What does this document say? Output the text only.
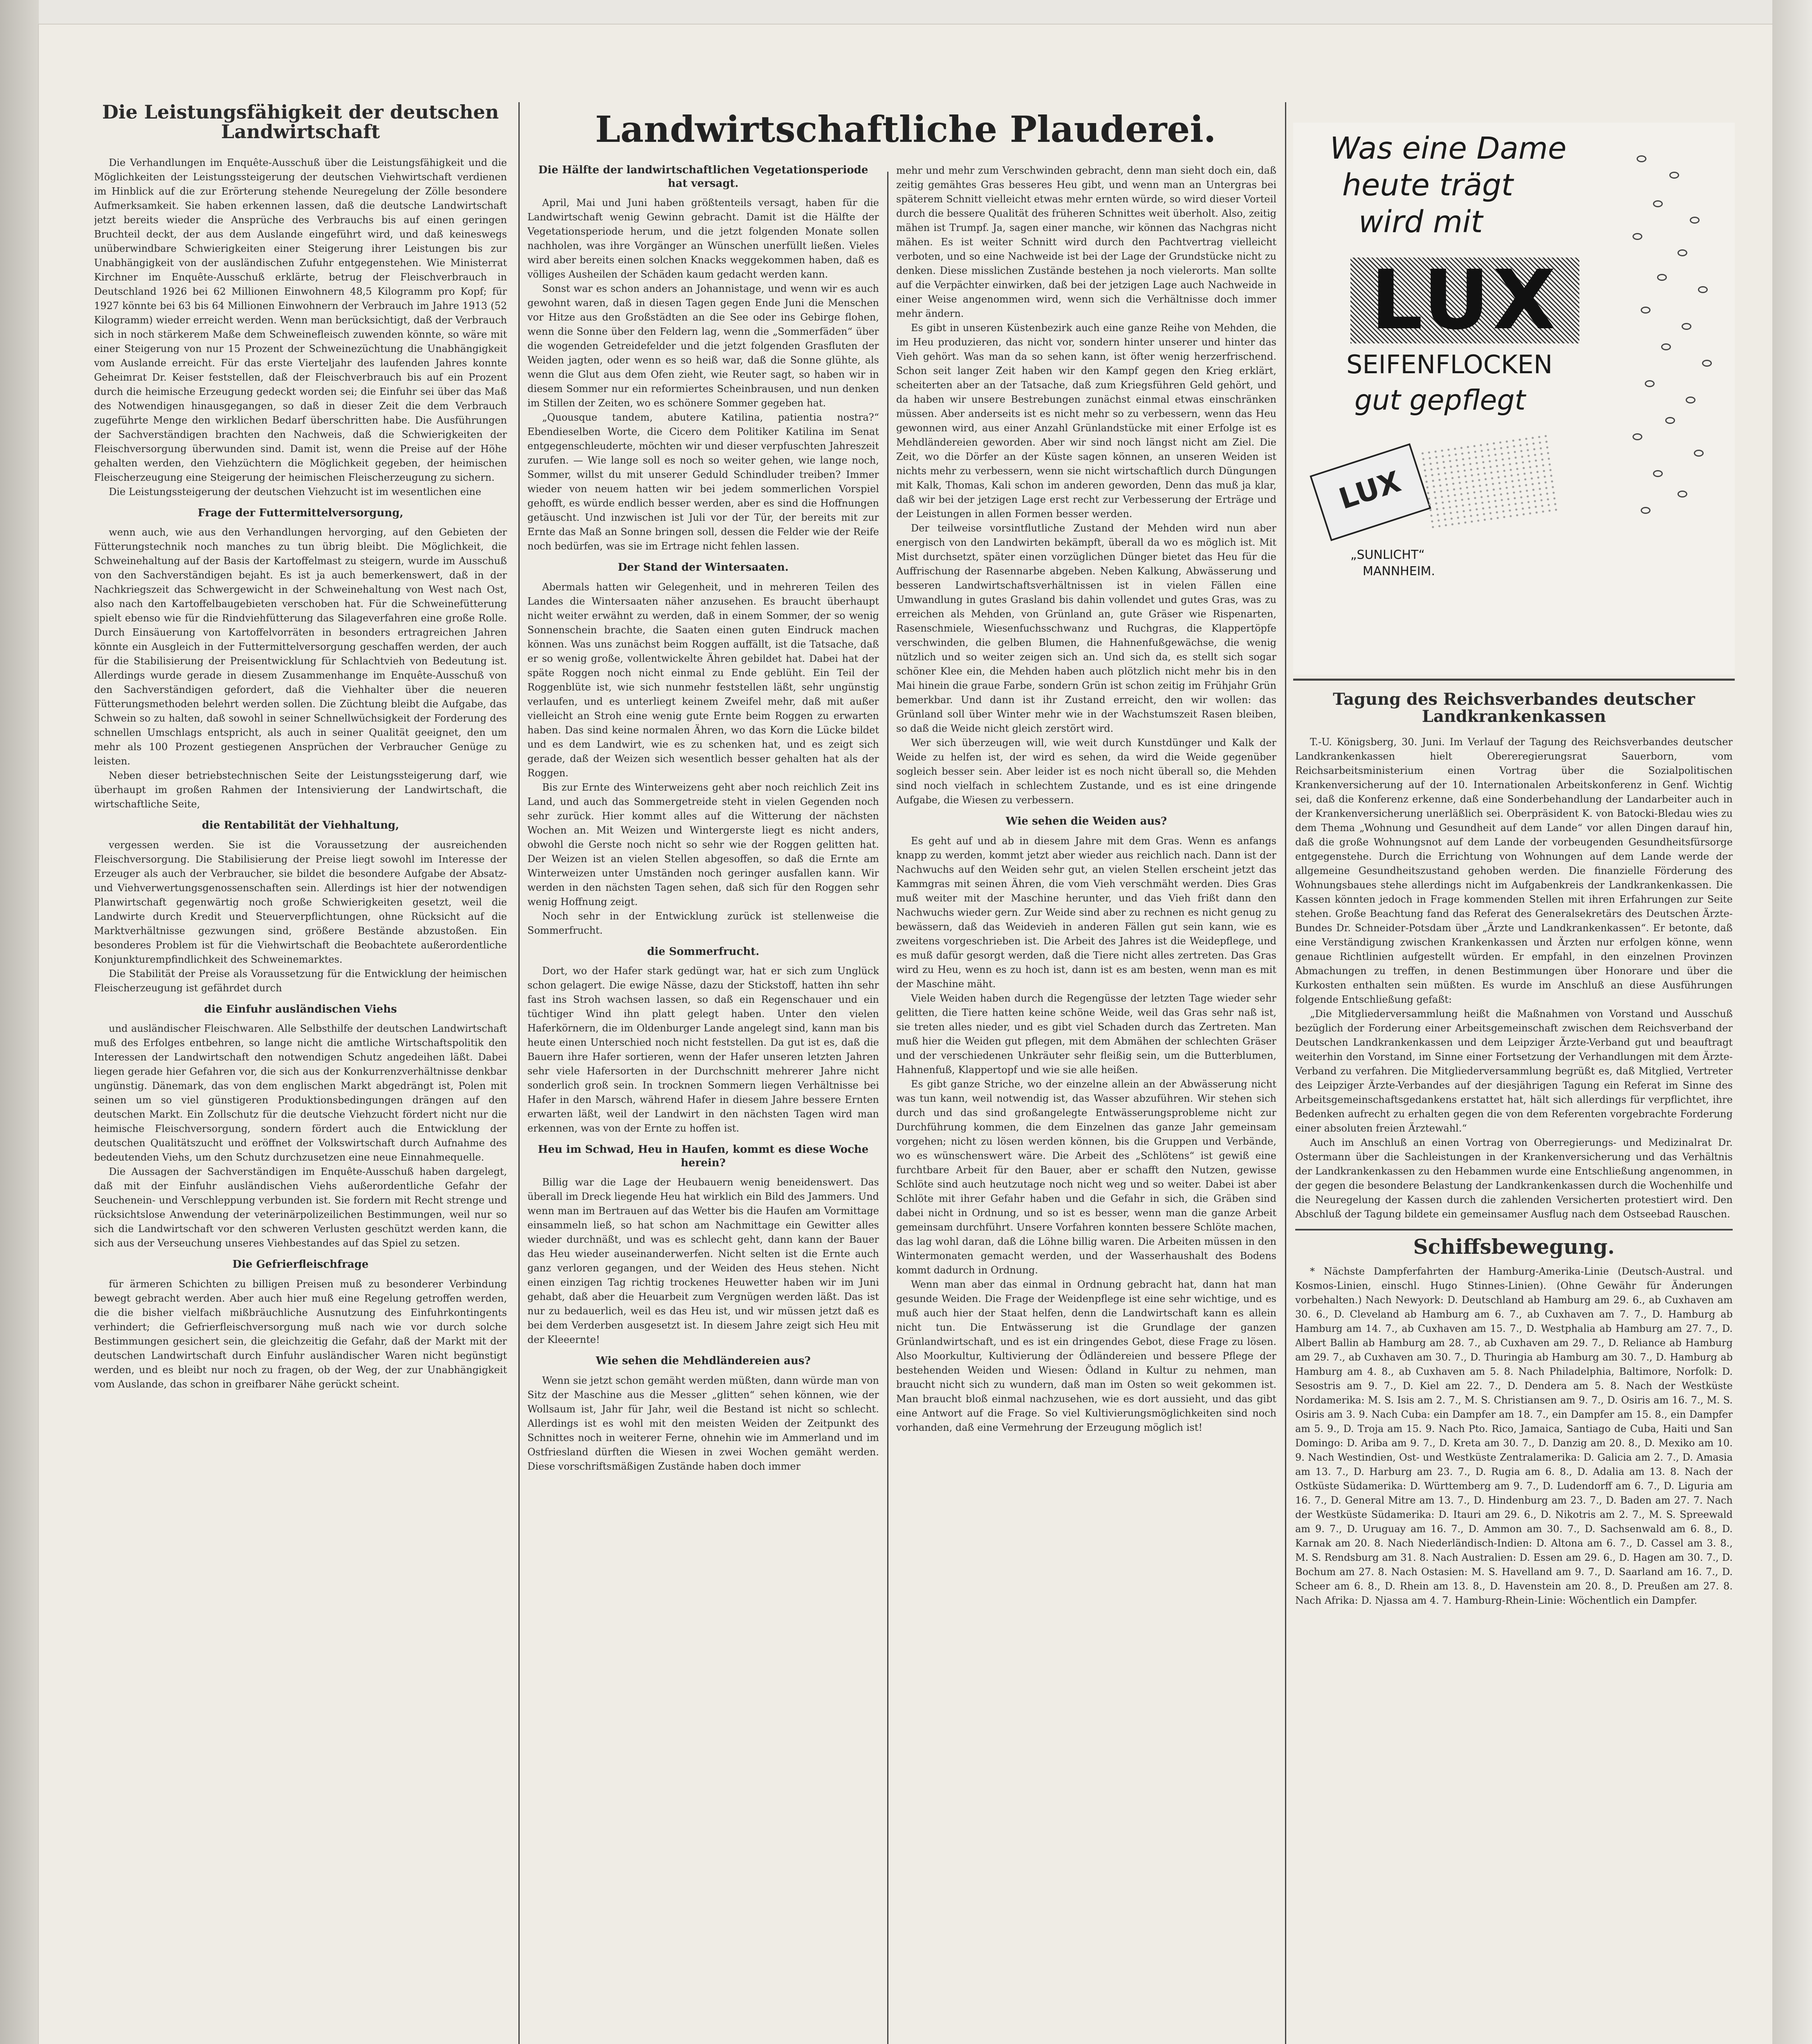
Die Leistungsfähigkeit der deutschen Landwirtschaft

Die Verhandlungen im Enquête-Ausschuß über die Leistungsfähigkeit und die Möglichkeiten der Leistungssteigerung der deutschen Viehwirtschaft verdienen im Hinblick auf die zur Erörterung stehende Neuregelung der Zölle besondere Aufmerksamkeit. Sie haben erkennen lassen, daß die deutsche Landwirtschaft jetzt bereits wieder die Ansprüche des Verbrauchs bis auf einen geringen Bruchteil deckt, der aus dem Auslande eingeführt wird, und daß keineswegs unüberwindbare Schwierigkeiten einer Steigerung ihrer Leistungen bis zur Unabhängigkeit von der ausländischen Zufuhr entgegenstehen. Wie Ministerrat Kirchner im Enquête-Ausschuß erklärte, betrug der Fleischverbrauch in Deutschland 1926 bei 62 Millionen Einwohnern 48,5 Kilogramm pro Kopf; für 1927 könnte bei 63 bis 64 Millionen Einwohnern der Verbrauch im Jahre 1913 (52 Kilogramm) wieder erreicht werden. Wenn man berücksichtigt, daß der Verbrauch sich in noch stärkerem Maße dem Schweinefleisch zuwenden könnte, so wäre mit einer Steigerung von nur 15 Prozent der Schweinezüchtung die Unabhängigkeit vom Auslande erreicht. Für das erste Vierteljahr des laufenden Jahres konnte Geheimrat Dr. Keiser feststellen, daß der Fleischverbrauch bis auf ein Prozent durch die heimische Erzeugung gedeckt worden sei; die Einfuhr sei über das Maß des Notwendigen hinausgegangen, so daß in dieser Zeit die dem Verbrauch zugeführte Menge den wirklichen Bedarf überschritten habe. Die Ausführungen der Sachverständigen brachten den Nachweis, daß die Schwierigkeiten der Fleischversorgung überwunden sind. Damit ist, wenn die Preise auf der Höhe gehalten werden, den Viehzüchtern die Möglichkeit gegeben, der heimischen Fleischerzeugung eine Steigerung der heimischen Fleischerzeugung zu sichern.

Die Leistungssteigerung der deutschen Viehzucht ist im wesentlichen eine

Frage der Futtermittelversorgung,

wenn auch, wie aus den Verhandlungen hervorging, auf den Gebieten der Fütterungstechnik noch manches zu tun übrig bleibt. Die Möglichkeit, die Schweinehaltung auf der Basis der Kartoffelmast zu steigern, wurde im Ausschuß von den Sachverständigen bejaht. Es ist ja auch bemerkenswert, daß in der Nachkriegszeit das Schwergewicht in der Schweinehaltung von West nach Ost, also nach den Kartoffelbaugebieten verschoben hat. Für die Schweinefütterung spielt ebenso wie für die Rindviehfütterung das Silageverfahren eine große Rolle. Durch Einsäuerung von Kartoffelvorräten in besonders ertragreichen Jahren könnte ein Ausgleich in der Futtermittelversorgung geschaffen werden, der auch für die Stabilisierung der Preisentwicklung für Schlachtvieh von Bedeutung ist. Allerdings wurde gerade in diesem Zusammenhange im Enquête-Ausschuß von den Sachverständigen gefordert, daß die Viehhalter über die neueren Fütterungsmethoden belehrt werden sollen. Die Züchtung bleibt die Aufgabe, das Schwein so zu halten, daß sowohl in seiner Schnellwüchsigkeit der Forderung des schnellen Umschlags entspricht, als auch in seiner Qualität geeignet, den um mehr als 100 Prozent gestiegenen Ansprüchen der Verbraucher Genüge zu leisten.

Neben dieser betriebstechnischen Seite der Leistungssteigerung darf, wie überhaupt im großen Rahmen der Intensivierung der Landwirtschaft, die wirtschaftliche Seite,

die Rentabilität der Viehhaltung,

vergessen werden. Sie ist die Voraussetzung der ausreichenden Fleischversorgung. Die Stabilisierung der Preise liegt sowohl im Interesse der Erzeuger als auch der Verbraucher, sie bildet die besondere Aufgabe der Absatz- und Viehverwertungsgenossenschaften sein. Allerdings ist hier der notwendigen Planwirtschaft gegenwärtig noch große Schwierigkeiten gesetzt, weil die Landwirte durch Kredit und Steuerverpflichtungen, ohne Rücksicht auf die Marktverhältnisse gezwungen sind, größere Bestände abzustoßen. Ein besonderes Problem ist für die Viehwirtschaft die Beobachtete außerordentliche Konjunkturempfindlichkeit des Schweinemarktes.

Die Stabilität der Preise als Voraussetzung für die Entwicklung der heimischen Fleischerzeugung ist gefährdet durch

die Einfuhr ausländischen Viehs

und ausländischer Fleischwaren. Alle Selbsthilfe der deutschen Landwirtschaft muß des Erfolges entbehren, so lange nicht die amtliche Wirtschaftspolitik den Interessen der Landwirtschaft den notwendigen Schutz angedeihen läßt. Dabei liegen gerade hier Gefahren vor, die sich aus der Konkurrenzverhältnisse denkbar ungünstig. Dänemark, das von dem englischen Markt abgedrängt ist, Polen mit seinen um so viel günstigeren Produktionsbedingungen drängen auf den deutschen Markt. Ein Zollschutz für die deutsche Viehzucht fördert nicht nur die heimische Fleischversorgung, sondern fördert auch die Entwicklung der deutschen Qualitätszucht und eröffnet der Volkswirtschaft durch Aufnahme des bedeutenden Viehs, um den Schutz durchzusetzen eine neue Einnahmequelle.

Die Aussagen der Sachverständigen im Enquête-Ausschuß haben dargelegt, daß mit der Einfuhr ausländischen Viehs außerordentliche Gefahr der Seuchenein- und Verschleppung verbunden ist. Sie fordern mit Recht strenge und rücksichtslose Anwendung der veterinärpolizeilichen Bestimmungen, weil nur so sich die Landwirtschaft vor den schweren Verlusten geschützt werden kann, die sich aus der Verseuchung unseres Viehbestandes auf das Spiel zu setzen.

Die Gefrierfleischfrage

für ärmeren Schichten zu billigen Preisen muß zu besonderer Verbindung bewegt gebracht werden. Aber auch hier muß eine Regelung getroffen werden, die die bisher vielfach mißbräuchliche Ausnutzung des Einfuhrkontingents verhindert; die Gefrierfleischversorgung muß nach wie vor durch solche Bestimmungen gesichert sein, die gleichzeitig die Gefahr, daß der Markt mit der deutschen Landwirtschaft durch Einfuhr ausländischer Waren nicht begünstigt werden, und es bleibt nur noch zu fragen, ob der Weg, der zur Unabhängigkeit vom Auslande, das schon in greifbarer Nähe gerückt scheint.

Landwirtschaftliche Plauderei.
Die Hälfte der landwirtschaftlichen Vegetationsperiode hat versagt.

April, Mai und Juni haben größtenteils versagt, haben für die Landwirtschaft wenig Gewinn gebracht. Damit ist die Hälfte der Vegetationsperiode herum, und die jetzt folgenden Monate sollen nachholen, was ihre Vorgänger an Wünschen unerfüllt ließen. Vieles wird aber bereits einen solchen Knacks weggekommen haben, daß es völliges Ausheilen der Schäden kaum gedacht werden kann.

Sonst war es schon anders an Johannistage, und wenn wir es auch gewohnt waren, daß in diesen Tagen gegen Ende Juni die Menschen vor Hitze aus den Großstädten an die See oder ins Gebirge flohen, wenn die Sonne über den Feldern lag, wenn die „Sommerfäden“ über die wogenden Getreidefelder und die jetzt folgenden Grasfluten der Weiden jagten, oder wenn es so heiß war, daß die Sonne glühte, als wenn die Glut aus dem Ofen zieht, wie Reuter sagt, so haben wir in diesem Sommer nur ein reformiertes Scheinbrausen, und nun denken im Stillen der Zeiten, wo es schönere Sommer gegeben hat.

„Quousque tandem, abutere Katilina, patientia nostra?“ Ebendieselben Worte, die Cicero dem Politiker Katilina im Senat entgegenschleuderte, möchten wir und dieser verpfuschten Jahreszeit zurufen. — Wie lange soll es noch so weiter gehen, wie lange noch, Sommer, willst du mit unserer Geduld Schindluder treiben? Immer wieder von neuem hatten wir bei jedem sommerlichen Vorspiel gehofft, es würde endlich besser werden, aber es sind die Hoffnungen getäuscht. Und inzwischen ist Juli vor der Tür, der bereits mit zur Ernte das Maß an Sonne bringen soll, dessen die Felder wie der Reife noch bedürfen, was sie im Ertrage nicht fehlen lassen.

Der Stand der Wintersaaten.

Abermals hatten wir Gelegenheit, und in mehreren Teilen des Landes die Wintersaaten näher anzusehen. Es braucht überhaupt nicht weiter erwähnt zu werden, daß in einem Sommer, der so wenig Sonnenschein brachte, die Saaten einen guten Eindruck machen können. Was uns zunächst beim Roggen auffällt, ist die Tatsache, daß er so wenig große, vollentwickelte Ähren gebildet hat. Dabei hat der späte Roggen noch nicht einmal zu Ende geblüht. Ein Teil der Roggenblüte ist, wie sich nunmehr feststellen läßt, sehr ungünstig verlaufen, und es unterliegt keinem Zweifel mehr, daß mit außer vielleicht an Stroh eine wenig gute Ernte beim Roggen zu erwarten haben. Das sind keine normalen Ähren, wo das Korn die Lücke bildet und es dem Landwirt, wie es zu schenken hat, und es zeigt sich gerade, daß der Weizen sich wesentlich besser gehalten hat als der Roggen.

Bis zur Ernte des Winterweizens geht aber noch reichlich Zeit ins Land, und auch das Sommergetreide steht in vielen Gegenden noch sehr zurück. Hier kommt alles auf die Witterung der nächsten Wochen an. Mit Weizen und Wintergerste liegt es nicht anders, obwohl die Gerste noch nicht so sehr wie der Roggen gelitten hat. Der Weizen ist an vielen Stellen abgesoffen, so daß die Ernte am Winterweizen unter Umständen noch geringer ausfallen kann. Wir werden in den nächsten Tagen sehen, daß sich für den Roggen sehr wenig Hoffnung zeigt.

Noch sehr in der Entwicklung zurück ist stellenweise die Sommerfrucht.

die Sommerfrucht.

Dort, wo der Hafer stark gedüngt war, hat er sich zum Unglück schon gelagert. Die ewige Nässe, dazu der Stickstoff, hatten ihn sehr fast ins Stroh wachsen lassen, so daß ein Regenschauer und ein tüchtiger Wind ihn platt gelegt haben. Unter den vielen Haferkörnern, die im Oldenburger Lande angelegt sind, kann man bis heute einen Unterschied noch nicht feststellen. Da gut ist es, daß die Bauern ihre Hafer sortieren, wenn der Hafer unseren letzten Jahren sehr viele Hafersorten in der Durchschnitt mehrerer Jahre nicht sonderlich groß sein. In trocknen Sommern liegen Verhältnisse bei Hafer in den Marsch, während Hafer in diesem Jahre bessere Ernten erwarten läßt, weil der Landwirt in den nächsten Tagen wird man erkennen, was von der Ernte zu hoffen ist.

Heu im Schwad, Heu in Haufen, kommt es diese Woche herein?

Billig war die Lage der Heubauern wenig beneidenswert. Das überall im Dreck liegende Heu hat wirklich ein Bild des Jammers. Und wenn man im Bertrauen auf das Wetter bis die Haufen am Vormittage einsammeln ließ, so hat schon am Nachmittage ein Gewitter alles wieder durchnäßt, und was es schlecht geht, dann kann der Bauer das Heu wieder auseinanderwerfen. Nicht selten ist die Ernte auch ganz verloren gegangen, und der Weiden des Heus stehen. Nicht einen einzigen Tag richtig trockenes Heuwetter haben wir im Juni gehabt, daß aber die Heuarbeit zum Vergnügen werden läßt. Das ist nur zu bedauerlich, weil es das Heu ist, und wir müssen jetzt daß es bei dem Verderben ausgesetzt ist. In diesem Jahre zeigt sich Heu mit der Kleeernte!

Wie sehen die Mehdländereien aus?

Wenn sie jetzt schon gemäht werden müßten, dann würde man von Sitz der Maschine aus die Messer „glitten“ sehen können, wie der Wollsaum ist, Jahr für Jahr, weil die Bestand ist nicht so schlecht. Allerdings ist es wohl mit den meisten Weiden der Zeitpunkt des Schnittes noch in weiterer Ferne, ohnehin wie im Ammerland und im Ostfriesland dürften die Wiesen in zwei Wochen gemäht werden. Diese vorschriftsmäßigen Zustände haben doch immer

mehr und mehr zum Verschwinden gebracht, denn man sieht doch ein, daß zeitig gemähtes Gras besseres Heu gibt, und wenn man an Untergras bei späterem Schnitt vielleicht etwas mehr ernten würde, so wird dieser Vorteil durch die bessere Qualität des früheren Schnittes weit überholt. Also, zeitig mähen ist Trumpf. Ja, sagen einer manche, wir können das Nachgras nicht mähen. Es ist weiter Schnitt wird durch den Pachtvertrag vielleicht verboten, und so eine Nachweide ist bei der Lage der Grundstücke nicht zu denken. Diese misslichen Zustände bestehen ja noch vielerorts. Man sollte auf die Verpächter einwirken, daß bei der jetzigen Lage auch Nachweide in einer Weise angenommen wird, wenn sich die Verhältnisse doch immer mehr ändern.

Es gibt in unseren Küstenbezirk auch eine ganze Reihe von Mehden, die im Heu produzieren, das nicht vor, sondern hinter unserer und hinter das Vieh gehört. Was man da so sehen kann, ist öfter wenig herzerfrischend. Schon seit langer Zeit haben wir den Kampf gegen den Krieg erklärt, scheiterten aber an der Tatsache, daß zum Kriegsführen Geld gehört, und da haben wir unsere Bestrebungen zunächst einmal etwas einschränken müssen. Aber anderseits ist es nicht mehr so zu verbessern, wenn das Heu gewonnen wird, aus einer Anzahl Grünlandstücke mit einer Erfolge ist es Mehdländereien geworden. Aber wir sind noch längst nicht am Ziel. Die Zeit, wo die Dörfer an der Küste sagen können, an unseren Weiden ist nichts mehr zu verbessern, wenn sie nicht wirtschaftlich durch Düngungen mit Kalk, Thomas, Kali schon im anderen geworden, Denn das muß ja klar, daß wir bei der jetzigen Lage erst recht zur Verbesserung der Erträge und der Leistungen in allen Formen besser werden.

Der teilweise vorsintflutliche Zustand der Mehden wird nun aber energisch von den Landwirten bekämpft, überall da wo es möglich ist. Mit Mist durchsetzt, später einen vorzüglichen Dünger bietet das Heu für die Auffrischung der Rasennarbe abgeben. Neben Kalkung, Abwässerung und besseren Landwirtschaftsverhältnissen ist in vielen Fällen eine Umwandlung in gutes Grasland bis dahin vollendet und gutes Gras, was zu erreichen als Mehden, von Grünland an, gute Gräser wie Rispenarten, Rasenschmiele, Wiesenfuchsschwanz und Ruchgras, die Klappertöpfe verschwinden, die gelben Blumen, die Hahnenfußgewächse, die wenig nützlich und so weiter zeigen sich an. Und sich da, es stellt sich sogar schöner Klee ein, die Mehden haben auch plötzlich nicht mehr bis in den Mai hinein die graue Farbe, sondern Grün ist schon zeitig im Frühjahr Grün bemerkbar. Und dann ist ihr Zustand erreicht, den wir wollen: das Grünland soll über Winter mehr wie in der Wachstumszeit Rasen bleiben, so daß die Weide nicht gleich zerstört wird.

Wer sich überzeugen will, wie weit durch Kunstdünger und Kalk der Weide zu helfen ist, der wird es sehen, da wird die Weide gegenüber sogleich besser sein. Aber leider ist es noch nicht überall so, die Mehden sind noch vielfach in schlechtem Zustande, und es ist eine dringende Aufgabe, die Wiesen zu verbessern.

Wie sehen die Weiden aus?

Es geht auf und ab in diesem Jahre mit dem Gras. Wenn es anfangs knapp zu werden, kommt jetzt aber wieder aus reichlich nach. Dann ist der Nachwuchs auf den Weiden sehr gut, an vielen Stellen erscheint jetzt das Kammgras mit seinen Ähren, die vom Vieh verschmäht werden. Dies Gras muß weiter mit der Maschine herunter, und das Vieh frißt dann den Nachwuchs wieder gern. Zur Weide sind aber zu rechnen es nicht genug zu bewässern, daß das Weidevieh in anderen Fällen gut sein kann, wie es zweitens vorgeschrieben ist. Die Arbeit des Jahres ist die Weidepflege, und es muß dafür gesorgt werden, daß die Tiere nicht alles zertreten. Das Gras wird zu Heu, wenn es zu hoch ist, dann ist es am besten, wenn man es mit der Maschine mäht.

Viele Weiden haben durch die Regengüsse der letzten Tage wieder sehr gelitten, die Tiere hatten keine schöne Weide, weil das Gras sehr naß ist, sie treten alles nieder, und es gibt viel Schaden durch das Zertreten. Man muß hier die Weiden gut pflegen, mit dem Abmähen der schlechten Gräser und der verschiedenen Unkräuter sehr fleißig sein, um die Butterblumen, Hahnenfuß, Klappertopf und wie sie alle heißen.

Es gibt ganze Striche, wo der einzelne allein an der Abwässerung nicht was tun kann, weil notwendig ist, das Wasser abzuführen. Wir stehen sich durch und das sind großangelegte Entwässerungsprobleme nicht zur Durchführung kommen, die dem Einzelnen das ganze Jahr gemeinsam vorgehen; nicht zu lösen werden können, bis die Gruppen und Verbände, wo es wünschenswert wäre. Die Arbeit des „Schlötens“ ist gewiß eine furchtbare Arbeit für den Bauer, aber er schafft den Nutzen, gewisse Schlöte sind auch heutzutage noch nicht weg und so weiter. Dabei ist aber Schlöte mit ihrer Gefahr haben und die Gefahr in sich, die Gräben sind dabei nicht in Ordnung, und so ist es besser, wenn man die ganze Arbeit gemeinsam durchführt. Unsere Vorfahren konnten bessere Schlöte machen, das lag wohl daran, daß die Löhne billig waren. Die Arbeiten müssen in den Wintermonaten gemacht werden, und der Wasserhaushalt des Bodens kommt dadurch in Ordnung.

Wenn man aber das einmal in Ordnung gebracht hat, dann hat man gesunde Weiden. Die Frage der Weidenpflege ist eine sehr wichtige, und es muß auch hier der Staat helfen, denn die Landwirtschaft kann es allein nicht tun. Die Entwässerung ist die Grundlage der ganzen Grünlandwirtschaft, und es ist ein dringendes Gebot, diese Frage zu lösen. Also Moorkultur, Kultivierung der Ödländereien und bessere Pflege der bestehenden Weiden und Wiesen: Ödland in Kultur zu nehmen, man braucht nicht sich zu wundern, daß man im Osten so weit gekommen ist. Man braucht bloß einmal nachzusehen, wie es dort aussieht, und das gibt eine Antwort auf die Frage. So viel Kultivierungsmöglichkeiten sind noch vorhanden, daß eine Vermehrung der Erzeugung möglich ist!

Was eine Dame
heute trägt
wird mit
LUX
SEIFENFLOCKEN
gut gepflegt
LUX
„SUNLICHT“
MANNHEIM.
Tagung des Reichsverbandes deutscher Landkrankenkassen

T.-U. Königsberg, 30. Juni. Im Verlauf der Tagung des Reichsverbandes deutscher Landkrankenkassen hielt Obereregierungsrat Sauerborn, vom Reichsarbeitsministerium einen Vortrag über die Sozialpolitischen Krankenversicherung auf der 10. Internationalen Arbeitskonferenz in Genf. Wichtig sei, daß die Konferenz erkenne, daß eine Sonderbehandlung der Landarbeiter auch in der Krankenversicherung unerläßlich sei. Oberpräsident K. von Batocki-Bledau wies zu dem Thema „Wohnung und Gesundheit auf dem Lande“ vor allen Dingen darauf hin, daß die große Wohnungsnot auf dem Lande der vorbeugenden Gesundheitsfürsorge entgegenstehe. Durch die Errichtung von Wohnungen auf dem Lande werde der allgemeine Gesundheitszustand gehoben werden. Die finanzielle Förderung des Wohnungsbaues stehe allerdings nicht im Aufgabenkreis der Landkrankenkassen. Die Kassen könnten jedoch in Frage kommenden Stellen mit ihren Erfahrungen zur Seite stehen. Große Beachtung fand das Referat des Generalsekretärs des Deutschen Ärzte-Bundes Dr. Schneider-Potsdam über „Ärzte und Landkrankenkassen“. Er betonte, daß eine Verständigung zwischen Krankenkassen und Ärzten nur erfolgen könne, wenn genaue Richtlinien aufgestellt würden. Er empfahl, in den einzelnen Provinzen Abmachungen zu treffen, in denen Bestimmungen über Honorare und über die Kurkosten enthalten sein müßten. Es wurde im Anschluß an diese Ausführungen folgende Entschließung gefaßt:

„Die Mitgliederversammlung heißt die Maßnahmen von Vorstand und Ausschuß bezüglich der Forderung einer Arbeitsgemeinschaft zwischen dem Reichsverband der Deutschen Landkrankenkassen und dem Leipziger Ärzte-Verband gut und beauftragt weiterhin den Vorstand, im Sinne einer Fortsetzung der Verhandlungen mit dem Ärzte-Verband zu verfahren. Die Mitgliederversammlung begrüßt es, daß Mitglied, Vertreter des Leipziger Ärzte-Verbandes auf der diesjährigen Tagung ein Referat im Sinne des Arbeitsgemeinschaftsgedankens erstattet hat, hält sich allerdings für verpflichtet, ihre Bedenken aufrecht zu erhalten gegen die von dem Referenten vorgebrachte Forderung einer absoluten freien Ärztewahl.“

Auch im Anschluß an einen Vortrag von Oberregierungs- und Medizinalrat Dr. Ostermann über die Sachleistungen in der Krankenversicherung und das Verhältnis der Landkrankenkassen zu den Hebammen wurde eine Entschließung angenommen, in der gegen die besondere Belastung der Landkrankenkassen durch die Wochenhilfe und die Neuregelung der Kassen durch die zahlenden Versicherten protestiert wird. Den Abschluß der Tagung bildete ein gemeinsamer Ausflug nach dem Ostseebad Rauschen.

Schiffsbewegung.

* Nächste Dampferfahrten der Hamburg-Amerika-Linie (Deutsch-Austral. und Kosmos-Linien, einschl. Hugo Stinnes-Linien). (Ohne Gewähr für Änderungen vorbehalten.) Nach Newyork: D. Deutschland ab Hamburg am 29. 6., ab Cuxhaven am 30. 6., D. Cleveland ab Hamburg am 6. 7., ab Cuxhaven am 7. 7., D. Hamburg ab Hamburg am 14. 7., ab Cuxhaven am 15. 7., D. Westphalia ab Hamburg am 27. 7., D. Albert Ballin ab Hamburg am 28. 7., ab Cuxhaven am 29. 7., D. Reliance ab Hamburg am 29. 7., ab Cuxhaven am 30. 7., D. Thuringia ab Hamburg am 30. 7., D. Hamburg ab Hamburg am 4. 8., ab Cuxhaven am 5. 8. Nach Philadelphia, Baltimore, Norfolk: D. Sesostris am 9. 7., D. Kiel am 22. 7., D. Dendera am 5. 8. Nach der Westküste Nordamerika: M. S. Isis am 2. 7., M. S. Christiansen am 9. 7., D. Osiris am 16. 7., M. S. Osiris am 3. 9. Nach Cuba: ein Dampfer am 18. 7., ein Dampfer am 15. 8., ein Dampfer am 5. 9., D. Troja am 15. 9. Nach Pto. Rico, Jamaica, Santiago de Cuba, Haiti und San Domingo: D. Ariba am 9. 7., D. Kreta am 30. 7., D. Danzig am 20. 8., D. Mexiko am 10. 9. Nach Westindien, Ost- und Westküste Zentralamerika: D. Galicia am 2. 7., D. Amasia am 13. 7., D. Harburg am 23. 7., D. Rugia am 6. 8., D. Adalia am 13. 8. Nach der Ostküste Südamerika: D. Württemberg am 9. 7., D. Ludendorff am 6. 7., D. Liguria am 16. 7., D. General Mitre am 13. 7., D. Hindenburg am 23. 7., D. Baden am 27. 7. Nach der Westküste Südamerika: D. Itauri am 29. 6., D. Nikotris am 2. 7., M. S. Spreewald am 9. 7., D. Uruguay am 16. 7., D. Ammon am 30. 7., D. Sachsenwald am 6. 8., D. Karnak am 20. 8. Nach Niederländisch-Indien: D. Altona am 6. 7., D. Cassel am 3. 8., M. S. Rendsburg am 31. 8. Nach Australien: D. Essen am 29. 6., D. Hagen am 30. 7., D. Bochum am 27. 8. Nach Ostasien: M. S. Havelland am 9. 7., D. Saarland am 16. 7., D. Scheer am 6. 8., D. Rhein am 13. 8., D. Havenstein am 20. 8., D. Preußen am 27. 8. Nach Afrika: D. Njassa am 4. 7. Hamburg-Rhein-Linie: Wöchentlich ein Dampfer.
